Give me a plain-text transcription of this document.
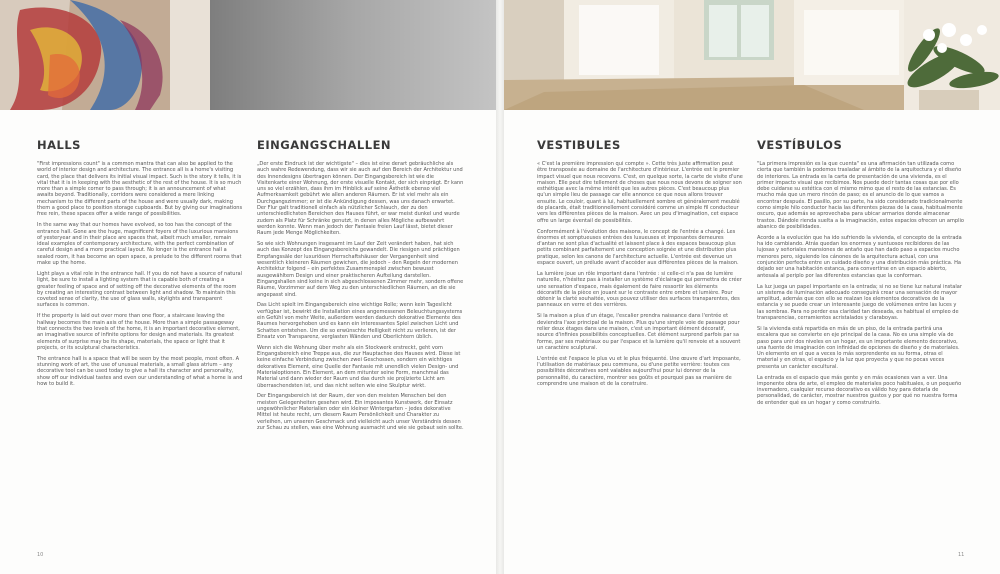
HALLS

"First impressions count" is a common mantra that can also be applied to the world of interior design and architecture. The entrance all is a home's visiting card, the place that delivers its initial visual impact. Such is the story it tells, it is vital that it is in keeping with the aesthetic of the rest of the house. It is so much more than a simple corner to pass through; it is an announcement of what awaits beyond. Traditionally, corridors were considered a mere linking mechanism to the different parts of the house and were usually dark, making them a good place to position storage cupboards. But by giving our imaginations free rein, these spaces offer a wide range of possibilities.

In the same way that our homes have evolved, so too has the concept of the entrance hall. Gone are the huge, magnificent foyers of the luxurious mansions of yesteryear and in their place are spaces that, albeit much smaller, remain ideal examples of contemporary architecture, with the perfect combination of careful design and a more practical layout. No longer is the entrance hall a sealed room, it has become an open space, a prelude to the different rooms that make up the home.

Light plays a vital role in the entrance hall. If you do not have a source of natural light, be sure to install a lighting system that is capable both of creating a greater feeling of space and of setting off the decorative elements of the room by creating an interesting contrast between light and shadow. To maintain this coveted sense of clarity, the use of glass walls, skylights and transparent surfaces is common.

If the property is laid out over more than one floor, a staircase leaving the hallway becomes the main axis of the house. More than a simple passageway that connects the two levels of the home, it is an important decorative element, an imaginative source of infinite options for design and materials. Its greatest elements of surprise may be its shape, materials, the space or light that it projects, or its sculptural characteristics.

The entrance hall is a space that will be seen by the most people, most often. A stunning work of art, the use of unusual materials, a small glass atrium – any decorative tool can be used today to give a hall its character and personality, show off our individual tastes and even our understanding of what a home is and how to build it.

EINGANGSCHALLEN

„Der erste Eindruck ist der wichtigste" – dies ist eine derart gebräuchliche als auch wahre Redewendung, dass wir sie auch auf den Bereich der Architektur und des Innendesigns übertragen können. Der Eingangsbereich ist wie die Visitenkarte einer Wohnung, der erste visuelle Kontakt, der sich einprägt. Er kann uns so viel erzählen, dass ihm im Hinblick auf seine Ästhetik ebenso viel Aufmerksamkeit gebührt wie allen anderen Räumen. Er ist viel mehr als ein Durchgangszimmer; er ist die Ankündigung dessen, was uns danach erwartet. Der Flur galt traditionell einfach als nützlicher Schlauch, der zu den unterschiedlichsten Bereichen des Hauses führt, er war meist dunkel und wurde zudem als Platz für Schränke genutzt, in denen alles Mögliche aufbewahrt werden konnte. Wenn man jedoch der Fantasie freien Lauf lässt, bietet dieser Raum jede Menge Möglichkeiten.

So wie sich Wohnungen insgesamt im Lauf der Zeit verändert haben, hat sich auch das Konzept des Eingangsbereichs gewandelt. Die riesigen und prächtigen Empfangssäle der luxuriösen Herrschaftshäuser der Vergangenheit sind wesentlich kleineren Räumen gewichen, die jedoch – den Regeln der modernen Architektur folgend – ein perfektes Zusammenspiel zwischen bewusst ausgewähltem Design und einer praktischeren Aufteilung darstellen. Eingangshallen sind keine in sich abgeschlossenen Zimmer mehr, sondern offene Räume, Vorzimmer auf dem Weg zu den unterschiedlichen Räumen, an die sie angepasst sind.

Das Licht spielt im Eingangsbereich eine wichtige Rolle; wenn kein Tageslicht verfügbar ist, bewirkt die Installation eines angemessenen Beleuchtungssystems ein Gefühl von mehr Weite, außerdem werden dadurch dekorative Elemente des Raumes hervorgehoben und es kann ein interessantes Spiel zwischen Licht und Schatten entstehen. Um die so erwünschte Helligkeit nicht zu verlieren, ist der Einsatz von Transparenz, verglasten Wänden und Oberlichtern üblich.

Wenn sich die Wohnung über mehr als ein Stockwerk erstreckt, geht vom Eingangsbereich eine Treppe aus, die zur Hauptachse des Hauses wird. Diese ist keine einfache Verbindung zwischen zwei Geschossen, sondern ein wichtiges dekoratives Element, eine Quelle der Fantasie mit unendlich vielen Design- und Materialoptionen. Ein Element, an dem mitunter seine Form, manchmal das Material und dann wieder der Raum und das durch sie projizierte Licht am überraschendsten ist, und das nicht selten wie eine Skulptur wirkt.

Der Eingangsbereich ist der Raum, der von den meisten Menschen bei den meisten Gelegenheiten gesehen wird. Ein imposantes Kunstwerk, der Einsatz ungewöhnlicher Materialien oder ein kleiner Wintergarten – jedes dekorative Mittel ist heute recht, um diesem Raum Persönlichkeit und Charakter zu verleihen, um unseren Geschmack und vielleicht auch unser Verständnis dessen zur Schau zu stellen, was eine Wohnung ausmacht und wie sie gebaut sein sollte.

10
VESTIBULES

« C'est la première impression qui compte ». Cette très juste affirmation peut être transposée au domaine de l'architecture d'intérieur. L'entrée est le premier impact visuel que nous recevons. C'est, en quelque sorte, la carte de visite d'une maison. Elle peut dire tellement de choses que nous nous devons de soigner son esthétique avec la même intérêt que les autres pièces. C'est beaucoup plus qu'un simple lieu de passage car elle annonce ce que nous allons trouver ensuite. Le couloir, quant à lui, habituellement sombre et généralement meublé de placards, était traditionnellement considéré comme un simple fil conducteur vers les différentes pièces de la maison. Avec un peu d'imagination, cet espace offre un large éventail de possibilités.

Conformément à l'évolution des maisons, le concept de l'entrée a changé. Les énormes et somptueuses entrées des luxueuses et imposantes demeures d'antan ne sont plus d'actualité et laissent place à des espaces beaucoup plus petits combinant parfaitement une conception soignée et une distribution plus pratique, selon les canons de l'architecture actuelle. L'entrée est devenue un espace ouvert, un prélude avant d'accéder aux différentes pièces de la maison.

La lumière joue un rôle important dans l'entrée : si celle-ci n'a pas de lumière naturelle, n'hésitez pas à installer un système d'éclairage qui permettra de créer une sensation d'espace, mais également de faire ressortir les éléments décoratifs de la pièce en jouant sur le contraste entre ombre et lumière. Pour obtenir la clarté souhaitée, vous pouvez utiliser des surfaces transparentes, des panneaux en verre et des verrières.

Si la maison a plus d'un étage, l'escalier prendra naissance dans l'entrée et deviendra l'axe principal de la maison. Plus qu'une simple voie de passage pour relier deux étages dans une maison, c'est un important élément décoratif, source d'infinies possibilités conceptuelles. Cet élément surprend parfois par sa forme, par ses matériaux ou par l'espace et la lumière qu'il renvoie et a souvent un caractère sculptural.

L'entrée est l'espace le plus vu et le plus fréquenté. Une œuvre d'art imposante, l'utilisation de matériaux peu communs, ou d'une petite verrière: toutes ces possibilités décoratives sont valables aujourd'hui pour lui donner de la personnalité, du caractère, montrer ses goûts et pourquoi pas sa manière de comprendre une maison et de la construire.

VESTÍBULOS

"La primera impresión es la que cuenta" es una afirmación tan utilizada como cierta que también la podemos trasladar al ámbito de la arquitectura y el diseño de interiores. La entrada es la carta de presentación de una vivienda, es el primer impacto visual que recibimos. Nos puede decir tantas cosas que por ello debe cuidarse su estética con el mismo mimo que el resto de las estancias. Es mucho más que un mero rincón de paso; es el anuncio de lo que vamos a encontrar después. El pasillo, por su parte, ha sido considerado tradicionalmente como simple hilo conductor hacia las diferentes piezas de la casa, habitualmente oscuro, que además se aprovechaba para ubicar armarios donde almacenar trastos. Dándole rienda suelta a la imaginación, estos espacios ofrecen un amplio abanico de posibilidades.

Acorde a la evolución que ha ido sufriendo la vivienda, el concepto de la entrada ha ido cambiando. Atrás quedan los enormes y suntuosos recibidores de las lujosas y señoriales mansiones de antaño que han dado paso a espacios mucho menores pero, siguiendo los cánones de la arquitectura actual, con una conjunción perfecta entre un cuidado diseño y una distribución más práctica. Ha dejado ser una habitación estanca, para convertirse en un espacio abierto, antesala al periplo por las diferentes estancias que la conforman.

La luz juega un papel importante en la entrada; si no se tiene luz natural instalar un sistema de iluminación adecuado conseguirá crear una sensación de mayor amplitud, además que con ello se realzan los elementos decorativos de la estancia y se puede crear un interesante juego de volúmenes entre las luces y las sombras. Para no perder esa claridad tan deseada, es habitual el empleo de transparencias, cerramientos acristalados y claraboyas.

Si la vivienda está repartida en más de un piso, de la entrada partirá una escalera que se convierte en eje principal de la casa. No es una simple vía de paso para unir dos niveles en un hogar, es un importante elemento decorativo, una fuente de imaginación con infinidad de opciones de diseño y de materiales. Un elemento en el que a veces lo más sorprendente es su forma, otras el material y en otras, el espacio y la luz que proyecta y que no pocas veces presenta un carácter escultural.

La entrada es el espacio que más gente y en más ocasiones van a ver. Una imponente obra de arte, el empleo de materiales poco habituales, o un pequeño invernadero, cualquier recurso decorativo es válido hoy para dotarla de personalidad, de carácter, mostrar nuestros gustos y por qué no nuestra forma de entender qué es un hogar y como construirlo.

11
